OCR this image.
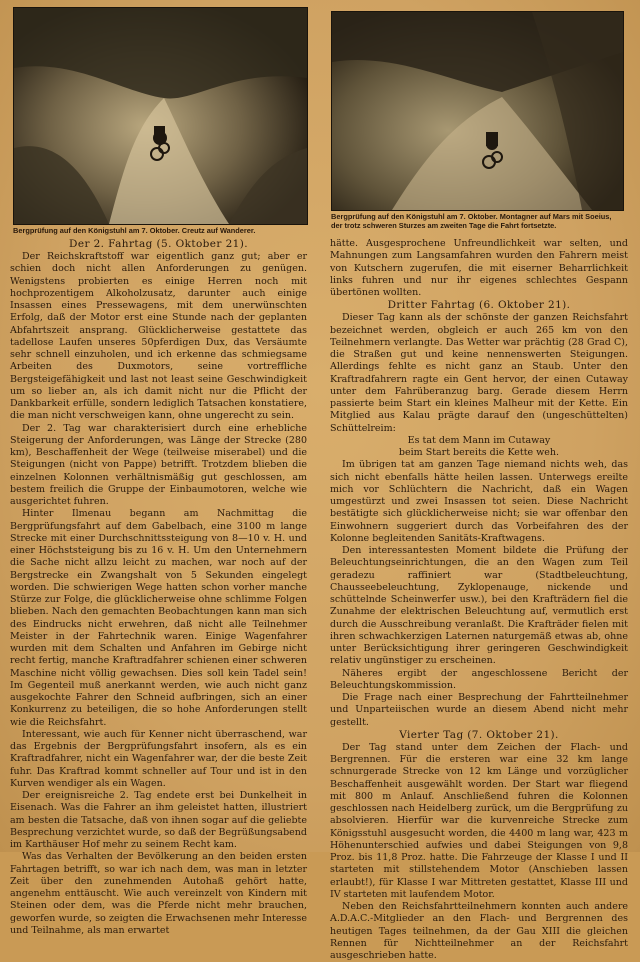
Bergprüfung auf den Königstuhl am 7. Oktober. Creutz auf Wanderer.
Bergprüfung auf den Königstuhl am 7. Oktober. Montagner auf Mars mit Soeius,
der trotz schweren Sturzes am zweiten Tage die Fahrt fortsetzte.
Der 2. Fahrtag (5. Oktober 21).

Der Reichskraftstoff war eigentlich ganz gut; aber er schien doch nicht allen Anforderungen zu genügen. Wenigstens probierten es einige Herren noch mit hochprozentigem Alkoholzusatz, darunter auch einige Insassen eines Pressewagens, mit dem unerwünschten Erfolg, daß der Motor erst eine Stunde nach der geplanten Abfahrtszeit ansprang. Glücklicherweise gestattete das tadellose Laufen unseres 50pferdigen Dux, das Versäumte sehr schnell einzuholen, und ich erkenne das schmiegsame Arbeiten des Duxmotors, seine vortreffliche Bergsteigefähigkeit und last not least seine Geschwindigkeit um so lieber an, als ich damit nicht nur die Pflicht der Dankbarkeit erfülle, sondern lediglich Tatsachen konstatiere, die man nicht verschweigen kann, ohne ungerecht zu sein.

Der 2. Tag war charakterisiert durch eine erhebliche Steigerung der Anforderungen, was Länge der Strecke (280 km), Beschaffenheit der Wege (teilweise miserabel) und die Steigungen (nicht von Pappe) betrifft. Trotzdem blieben die einzelnen Kolonnen verhältnismäßig gut geschlossen, am bestem freilich die Gruppe der Einbaumotoren, welche wie ausgerichtet fuhren.

Hinter Ilmenau begann am Nachmittag die Bergprüfungsfahrt auf dem Gabelbach, eine 3100 m lange Strecke mit einer Durchschnittssteigung von 8—10 v. H. und einer Höchststeigung bis zu 16 v. H. Um den Unternehmern die Sache nicht allzu leicht zu machen, war noch auf der Bergstrecke ein Zwangshalt von 5 Sekunden eingelegt worden. Die schwierigen Wege hatten schon vorher manche Stürze zur Folge, die glücklicherweise ohne schlimme Folgen blieben. Nach den gemachten Beobachtungen kann man sich des Eindrucks nicht erwehren, daß nicht alle Teilnehmer Meister in der Fahrtechnik waren. Einige Wagenfahrer wurden mit dem Schalten und Anfahren im Gebirge nicht recht fertig, manche Kraftradfahrer schienen einer schweren Maschine nicht völlig gewachsen. Dies soll kein Tadel sein! Im Gegenteil muß anerkannt werden, wie auch nicht ganz ausgekochte Fahrer den Schneid aufbringen, sich an einer Konkurrenz zu beteiligen, die so hohe Anforderungen stellt wie die Reichsfahrt.

Interessant, wie auch für Kenner nicht überraschend, war das Ergebnis der Bergprüfungsfahrt insofern, als es ein Kraftradfahrer, nicht ein Wagenfahrer war, der die beste Zeit fuhr. Das Kraftrad kommt schneller auf Tour und ist in den Kurven wendiger als ein Wagen.

Der ereignisreiche 2. Tag endete erst bei Dunkelheit in Eisenach. Was die Fahrer an ihm geleistet hatten, illustriert am besten die Tatsache, daß von ihnen sogar auf die geliebte Besprechung verzichtet wurde, so daß der Begrüßungsabend im Karthäuser Hof mehr zu seinem Recht kam.

Was das Verhalten der Bevölkerung an den beiden ersten Fahrtagen betrifft, so war ich nach dem, was man in letzter Zeit über den zunehmenden Autohaß gehört hatte, angenehm enttäuscht. Wie auch vereinzelt von Kindern mit Steinen oder dem, was die Pferde nicht mehr brauchen, geworfen wurde, so zeigten die Erwachsenen mehr Interesse und Teilnahme, als man erwartet

hätte. Ausgesprochene Unfreundlichkeit war selten, und Mahnungen zum Langsamfahren wurden den Fahrern meist von Kutschern zugerufen, die mit eiserner Beharrlichkeit links fuhren und nur ihr eigenes schlechtes Gespann übertönen wollten.

Dritter Fahrtag (6. Oktober 21).

Dieser Tag kann als der schönste der ganzen Reichsfahrt bezeichnet werden, obgleich er auch 265 km von den Teilnehmern verlangte. Das Wetter war prächtig (28 Grad C), die Straßen gut und keine nennenswerten Steigungen. Allerdings fehlte es nicht ganz an Staub. Unter den Kraftradfahrern ragte ein Gent hervor, der einen Cutaway unter dem Fahrüberanzug barg. Gerade diesem Herrn passierte beim Start ein kleines Malheur mit der Kette. Ein Mitglied aus Kalau prägte darauf den (ungeschüttelten) Schüttelreim:

Es tat dem Mann im Cutaway

beim Start bereits die Kette weh.

Im übrigen tat am ganzen Tage niemand nichts weh, das sich nicht ebenfalls hätte heilen lassen. Unterwegs ereilte mich vor Schlüchtern die Nachricht, daß ein Wagen umgestürzt und zwei Insassen tot seien. Diese Nachricht bestätigte sich glücklicherweise nicht; sie war offenbar den Einwohnern suggeriert durch das Vorbeifahren des der Kolonne begleitenden Sanitäts-Kraftwagens.

Den interessantesten Moment bildete die Prüfung der Beleuchtungseinrichtungen, die an den Wagen zum Teil geradezu raffiniert war (Stadtbeleuchtung, Chausseebeleuchtung, Zyklopenauge, nickende und schüttelnde Scheinwerfer usw.), bei den Krafträdern fiel die Zunahme der elektrischen Beleuchtung auf, vermutlich erst durch die Ausschreibung veranlaßt. Die Krafträder fielen mit ihren schwachkerzigen Laternen naturgemäß etwas ab, ohne unter Berücksichtigung ihrer geringeren Geschwindigkeit relativ ungünstiger zu erscheinen.

Näheres ergibt der angeschlossene Bericht der Beleuchtungskommission.

Die Frage nach einer Besprechung der Fahrtteilnehmer und Unparteiischen wurde an diesem Abend nicht mehr gestellt.

Vierter Tag (7. Oktober 21).

Der Tag stand unter dem Zeichen der Flach- und Bergrennen. Für die ersteren war eine 32 km lange schnurgerade Strecke von 12 km Länge und vorzüglicher Beschaffenheit ausgewählt worden. Der Start war fliegend mit 800 m Anlauf. Anschließend fuhren die Kolonnen geschlossen nach Heidelberg zurück, um die Bergprüfung zu absolvieren. Hierfür war die kurvenreiche Strecke zum Königsstuhl ausgesucht worden, die 4400 m lang war, 423 m Höhenunterschied aufwies und dabei Steigungen von 9,8 Proz. bis 11,8 Proz. hatte. Die Fahrzeuge der Klasse I und II starteten mit stillstehendem Motor (Anschieben lassen erlaubt!), für Klasse I war Mittreten gestattet, Klasse III und IV starteten mit laufendem Motor.

Neben den Reichsfahrtteilnehmern konnten auch andere A.D.A.C.-Mitglieder an den Flach- und Bergrennen des heutigen Tages teilnehmen, da der Gau XIII die gleichen Rennen für Nichtteilnehmer an der Reichsfahrt ausgeschrieben hatte.
